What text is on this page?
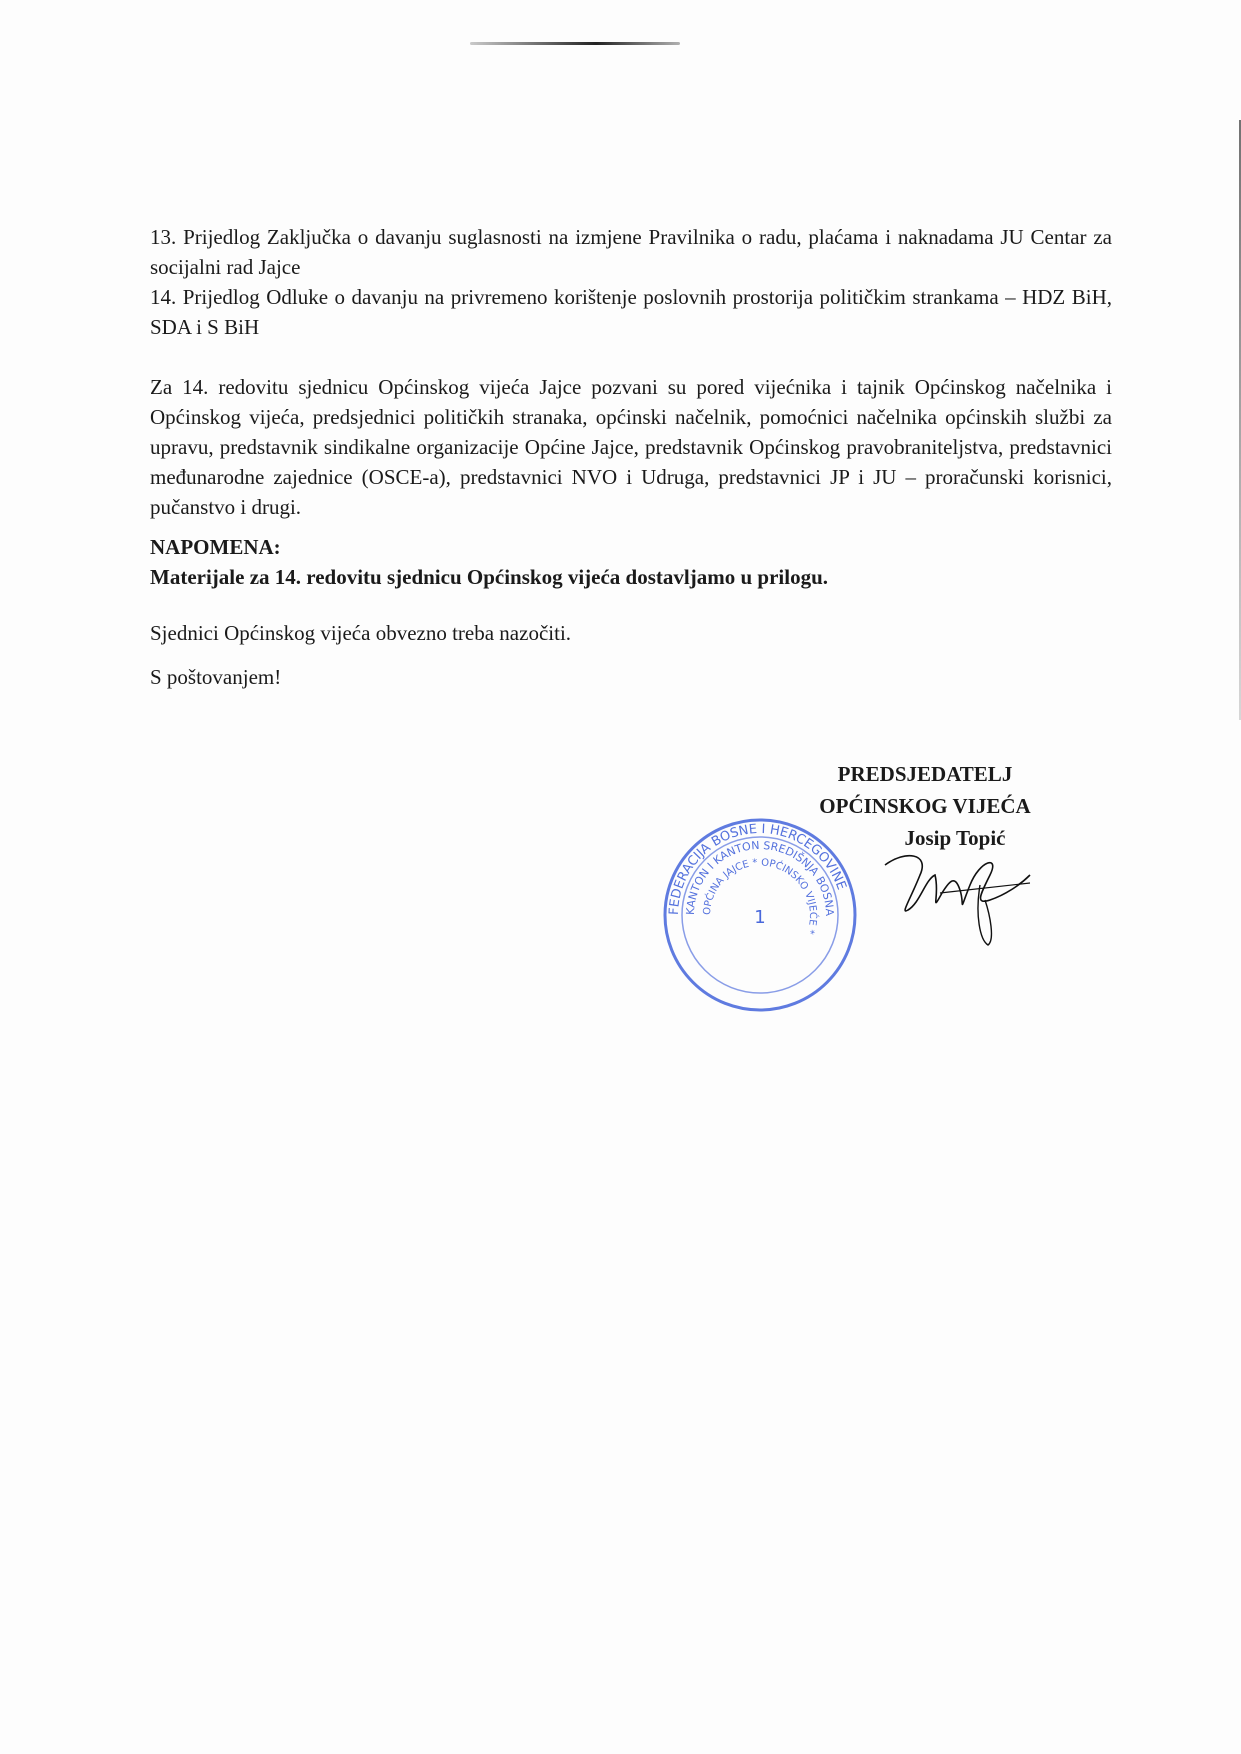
13. Prijedlog Zaključka o davanju suglasnosti na izmjene Pravilnika o radu, plaćama i naknadama JU Centar za socijalni rad Jajce

14. Prijedlog Odluke o davanju na privremeno korištenje poslovnih prostorija političkim strankama – HDZ BiH, SDA i S BiH

Za 14. redovitu sjednicu Općinskog vijeća Jajce pozvani su pored vijećnika i tajnik Općinskog načelnika i Općinskog vijeća, predsjednici političkih stranaka, općinski načelnik, pomoćnici načelnika općinskih službi za upravu, predstavnik sindikalne organizacije Općine Jajce, predstavnik Općinskog pravobraniteljstva, predstavnici međunarodne zajednice (OSCE-a), predstavnici NVO i Udruga, predstavnici JP i JU – proračunski korisnici, pučanstvo i drugi.

NAPOMENA:
Materijale za 14. redovitu sjednicu Općinskog vijeća dostavljamo u prilogu.

Sjednici Općinskog vijeća obvezno treba nazočiti.

S poštovanjem!

FEDERACIJA BOSNE I HERCEGOVINE
KANTON I KANTON SREDIŠNJA BOSNA
OPĆINA JAJCE * OPĆINSKO VIJEĆE *
1
PREDSJEDATELJ
OPĆINSKOG VIJEĆA
Josip Topić
